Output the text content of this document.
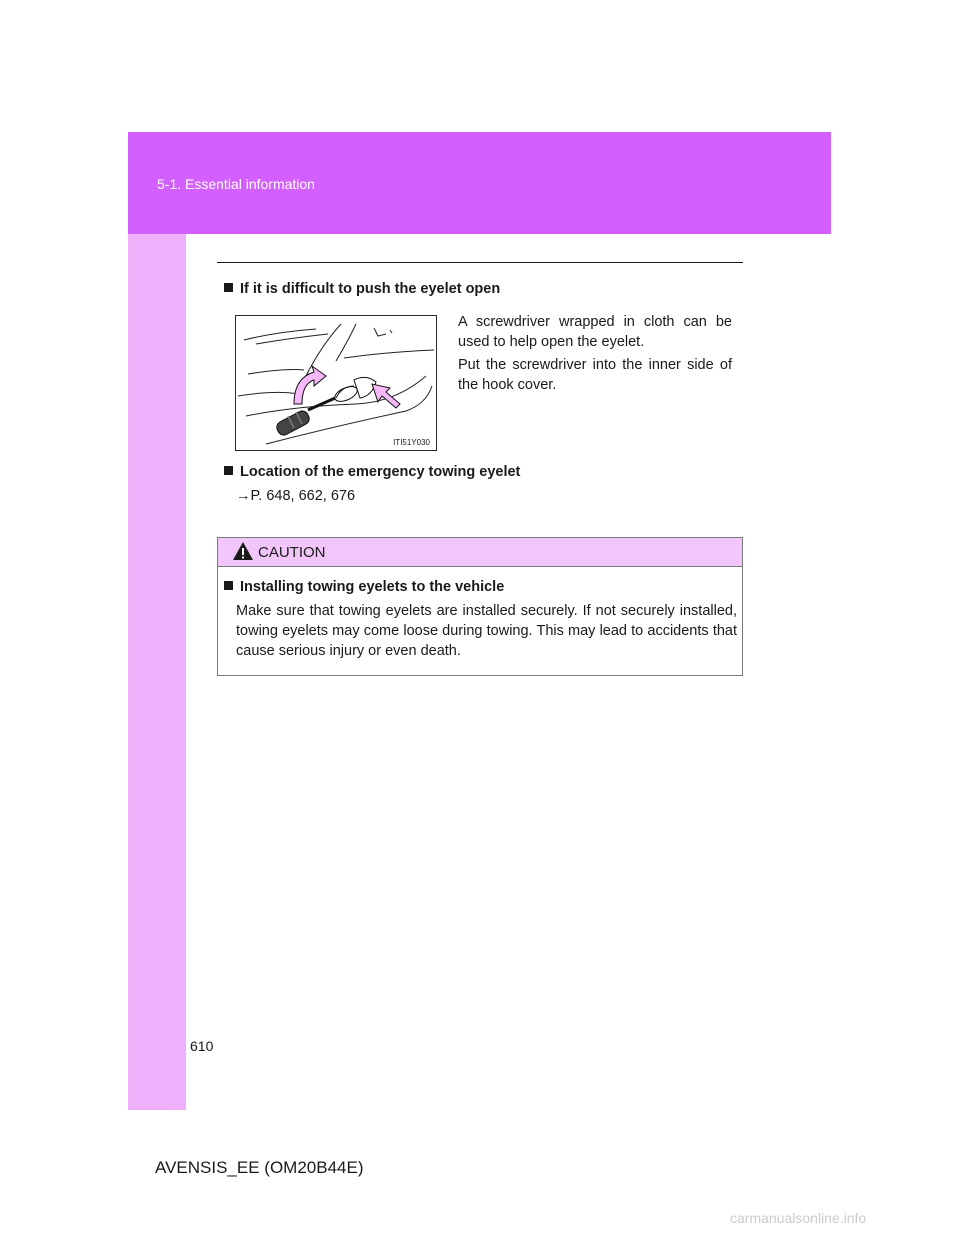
5-1. Essential information
610
If it is difficult to push the eyelet open
ITI51Y030

A screwdriver wrapped in cloth can be used to help open the eyelet.

Put the screwdriver into the inner side of the hook cover.

Location of the emergency towing eyelet
→P. 648, 662, 676
CAUTION
Installing towing eyelets to the vehicle

Make sure that towing eyelets are installed securely. If not securely installed, towing eyelets may come loose during towing. This may lead to accidents that cause serious injury or even death.

AVENSIS_EE (OM20B44E)
carmanualsonline.info
